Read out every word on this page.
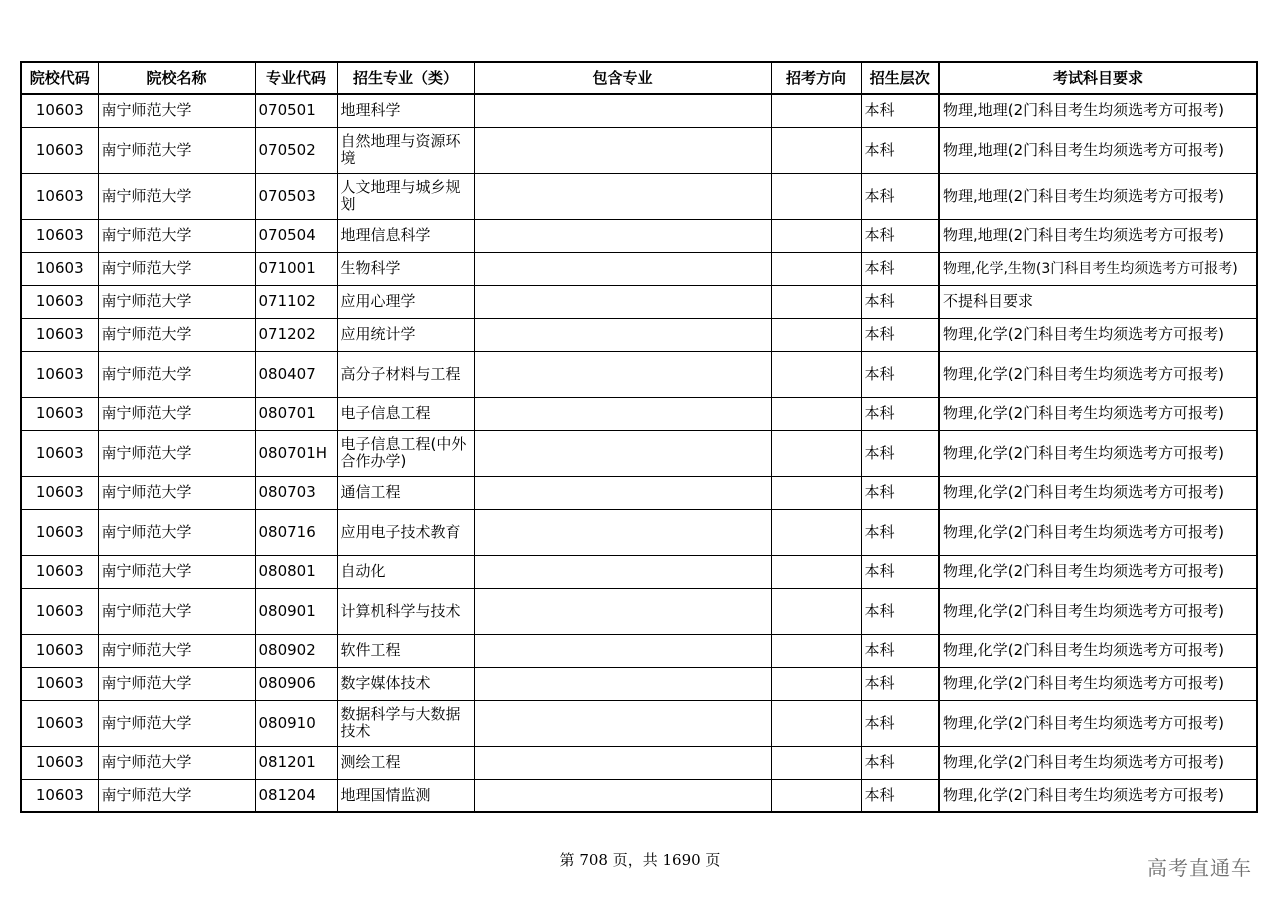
院校代码	院校名称	专业代码	招生专业（类）	包含专业	招考方向	招生层次	考试科目要求
10603	南宁师范大学	070501	地理科学			本科	物理,地理(2门科目考生均须选考方可报考)
10603	南宁师范大学	070502	自然地理与资源环境			本科	物理,地理(2门科目考生均须选考方可报考)
10603	南宁师范大学	070503	人文地理与城乡规划			本科	物理,地理(2门科目考生均须选考方可报考)
10603	南宁师范大学	070504	地理信息科学			本科	物理,地理(2门科目考生均须选考方可报考)
10603	南宁师范大学	071001	生物科学			本科	物理,化学,生物(3门科目考生均须选考方可报考)
10603	南宁师范大学	071102	应用心理学			本科	不提科目要求
10603	南宁师范大学	071202	应用统计学			本科	物理,化学(2门科目考生均须选考方可报考)
10603	南宁师范大学	080407	高分子材料与工程			本科	物理,化学(2门科目考生均须选考方可报考)
10603	南宁师范大学	080701	电子信息工程			本科	物理,化学(2门科目考生均须选考方可报考)
10603	南宁师范大学	080701H	电子信息工程(中外合作办学)			本科	物理,化学(2门科目考生均须选考方可报考)
10603	南宁师范大学	080703	通信工程			本科	物理,化学(2门科目考生均须选考方可报考)
10603	南宁师范大学	080716	应用电子技术教育			本科	物理,化学(2门科目考生均须选考方可报考)
10603	南宁师范大学	080801	自动化			本科	物理,化学(2门科目考生均须选考方可报考)
10603	南宁师范大学	080901	计算机科学与技术			本科	物理,化学(2门科目考生均须选考方可报考)
10603	南宁师范大学	080902	软件工程			本科	物理,化学(2门科目考生均须选考方可报考)
10603	南宁师范大学	080906	数字媒体技术			本科	物理,化学(2门科目考生均须选考方可报考)
10603	南宁师范大学	080910	数据科学与大数据技术			本科	物理,化学(2门科目考生均须选考方可报考)
10603	南宁师范大学	081201	测绘工程			本科	物理,化学(2门科目考生均须选考方可报考)
10603	南宁师范大学	081204	地理国情监测			本科	物理,化学(2门科目考生均须选考方可报考)
第 708 页，共 1690 页	高考直通车
